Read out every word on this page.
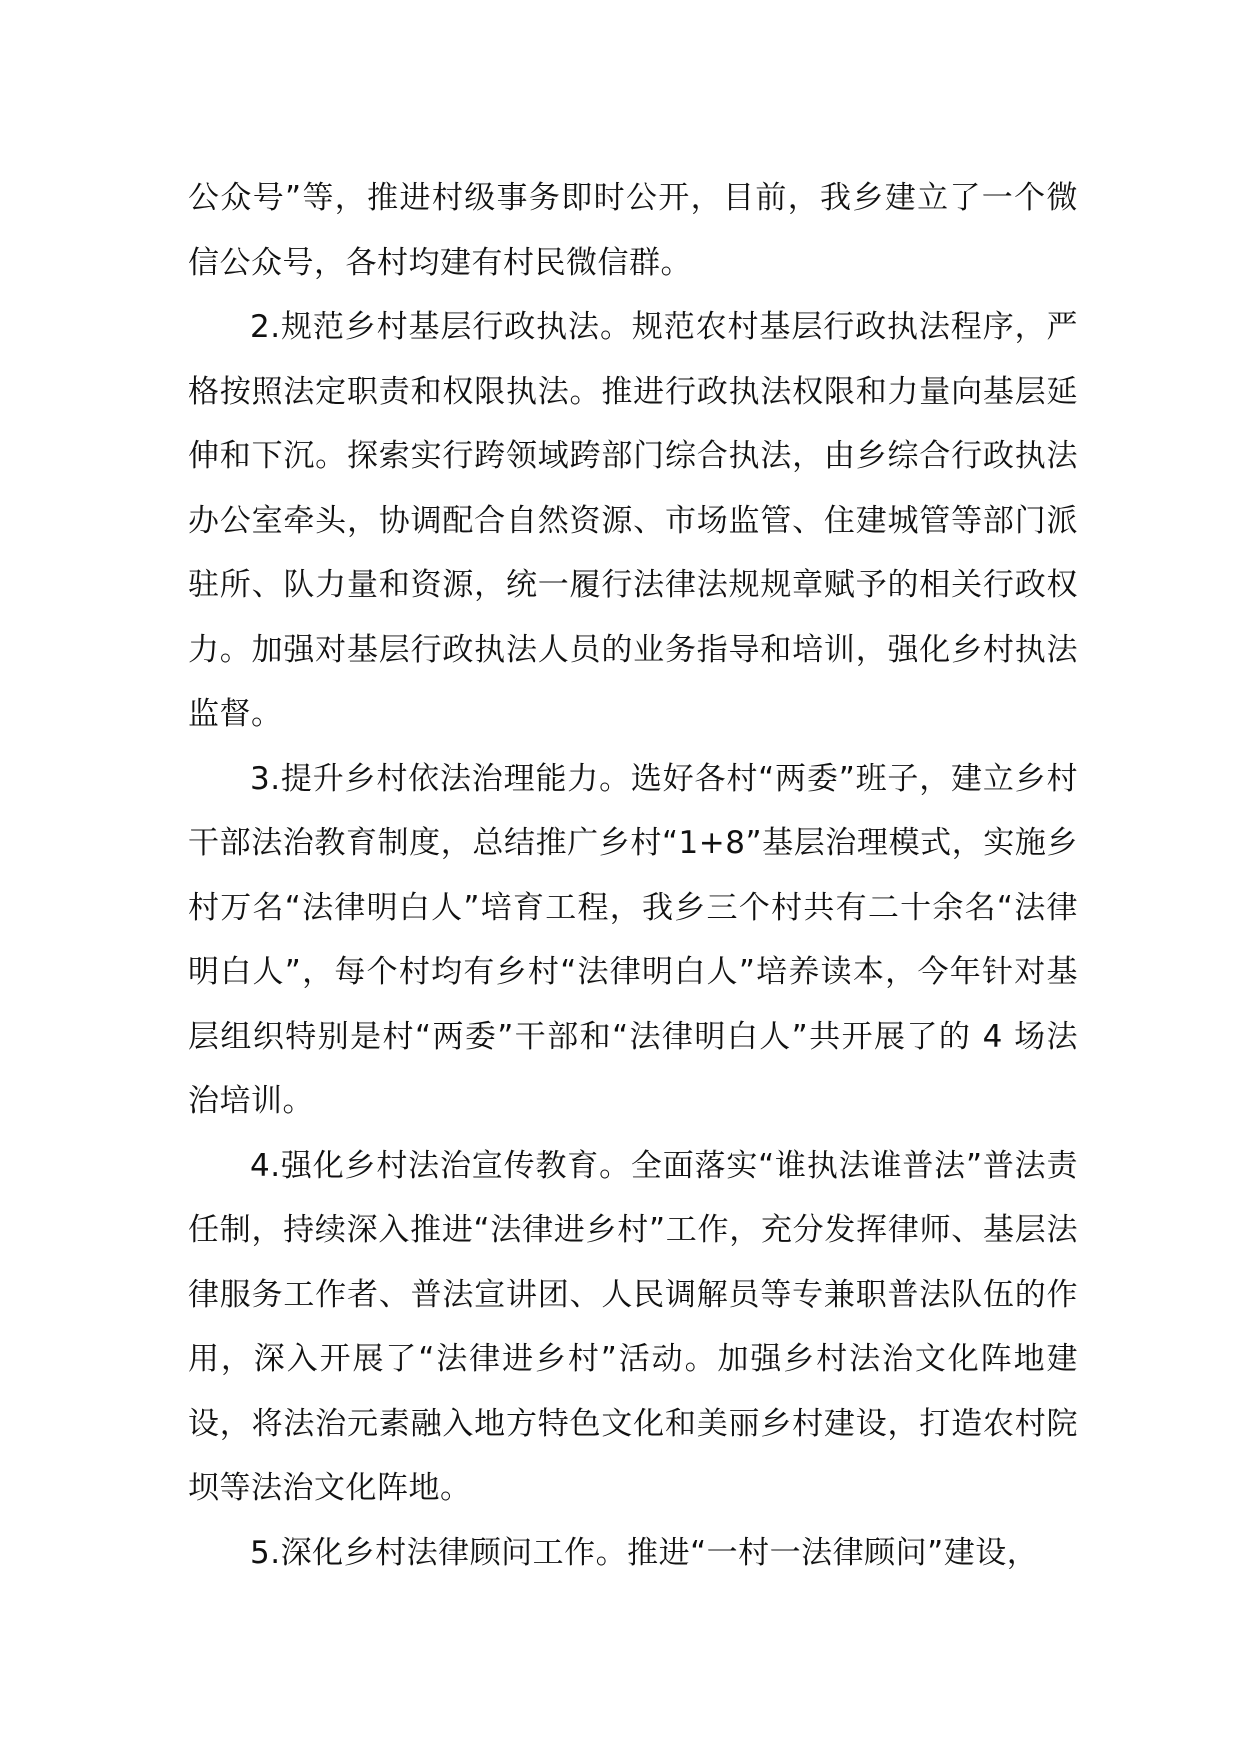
公众号”等，推进村级事务即时公开，目前，我乡建立了一个微信公众号，各村均建有村民微信群。

2.规范乡村基层行政执法。规范农村基层行政执法程序，严格按照法定职责和权限执法。推进行政执法权限和力量向基层延伸和下沉。探索实行跨领域跨部门综合执法，由乡综合行政执法办公室牵头，协调配合自然资源、市场监管、住建城管等部门派驻所、队力量和资源，统一履行法律法规规章赋予的相关行政权力。加强对基层行政执法人员的业务指导和培训，强化乡村执法监督。

3.提升乡村依法治理能力。选好各村“两委”班子，建立乡村干部法治教育制度，总结推广乡村“1+8”基层治理模式，实施乡村万名“法律明白人”培育工程，我乡三个村共有二十余名“法律明白人”，每个村均有乡村“法律明白人”培养读本，今年针对基层组织特别是村“两委”干部和“法律明白人”共开展了的 4 场法治培训。

4.强化乡村法治宣传教育。全面落实“谁执法谁普法”普法责任制，持续深入推进“法律进乡村”工作，充分发挥律师、基层法律服务工作者、普法宣讲团、人民调解员等专兼职普法队伍的作用，深入开展了“法律进乡村”活动。加强乡村法治文化阵地建设，将法治元素融入地方特色文化和美丽乡村建设，打造农村院坝等法治文化阵地。

5.深化乡村法律顾问工作。推进“一村一法律顾问”建设，
